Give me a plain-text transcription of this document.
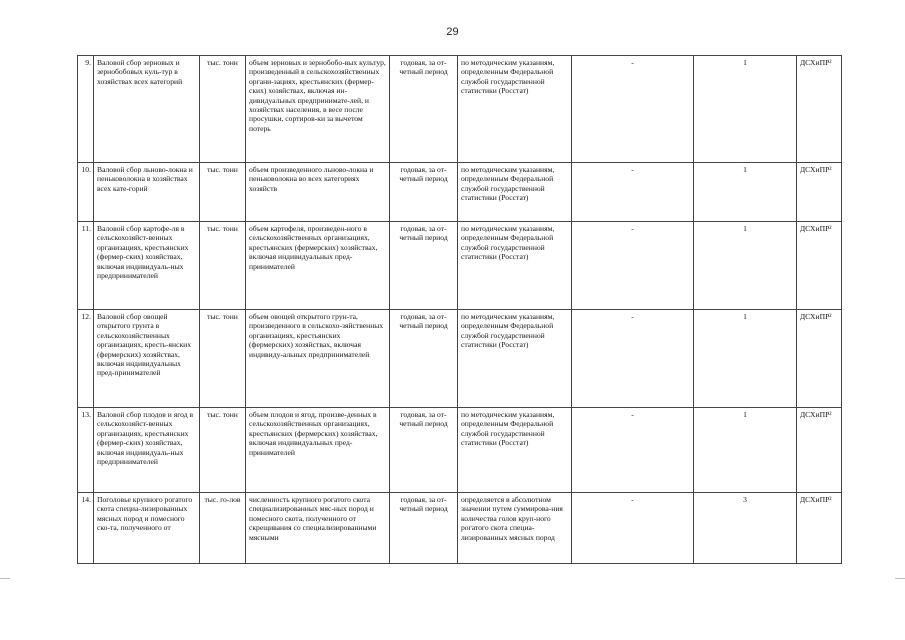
29
9.	Валовой сбор зерновых и зернобобовых куль-тур в хозяйствах всех категорий	тыс. тонн	объем зерновых и зернобобо-вых культур, произведенный в сельскохозяйственных органи-зациях, крестьянских (фермер-ских) хозяйствах, включая ин-дивидуальных предпринимате-лей, и хозяйствах населения, в весе после просушки, сортиров-ки за вычетом потерь	годовая, за от-четный период	по методическим указаниям, определенным Федеральной службой государственной статистики (Росстат)	-	1	ДСХиПР²
10.	Валовой сбор льново-локна и пеньковолокна в хозяйствах всех кате-горий	тыс. тонн	объем произведенного льново-локна и пеньковолокна во всех категориях хозяйств	годовая, за от-четный период	по методическим указаниям, определенным Федеральной службой государственной статистики (Росстат)	-	1	ДСХиПР²
11.	Валовой сбор картофе-ля в сельскохозяйст-венных организациях, крестьянских (фермер-ских) хозяйствах, включая индивидуаль-ных предпринимателей	тыс. тонн	объем картофеля, произведен-ного в сельскохозяйственных организациях, крестьянских (фермерских) хозяйствах, включая индивидуальных пред-принимателей	годовая, за от-четный период	по методическим указаниям, определенным Федеральной службой государственной статистики (Росстат)	-	1	ДСХиПР²
12.	Валовой сбор овощей открытого грунта в сельскохозяйственных организациях, кресть-янских (фермерских) хозяйствах, включая индивидуальных пред-принимателей	тыс. тонн	объем овощей открытого грун-та, произведенного в сельскохо-зяйственных организациях, крестьянских (фермерских) хозяйствах, включая индивиду-альных предпринимателей	годовая, за от-четный период	по методическим указаниям, определенным Федеральной службой государственной статистики (Росстат)	-	1	ДСХиПР²
13.	Валовой сбор плодов и ягод в сельскохозяйст-венных организациях, крестьянских (фермер-ских) хозяйствах, включая индивидуаль-ных предпринимателей	тыс. тонн	объем плодов и ягод, произве-денных в сельскохозяйственных организациях, крестьянских (фермерских) хозяйствах, включая индивидуальных пред-принимателей	годовая, за от-четный период	по методическим указаниям, определенным Федеральной службой государственной статистики (Росстат)	-	1	ДСХиПР²
14.	Поголовье крупного рогатого скота специа-лизированных мясных пород и помесного ско-та, полученного от	тыс. го-лов	численность крупного рогатого скота специализированных мяс-ных пород и помесного скота, полученного от скрещивания со специализированными мясными	годовая, за от-четный период	определяется в абсолютном значении путем суммирова-ния количества голов круп-ного рогатого скота специа-лизированных мясных пород	-	3	ДСХиПР²
